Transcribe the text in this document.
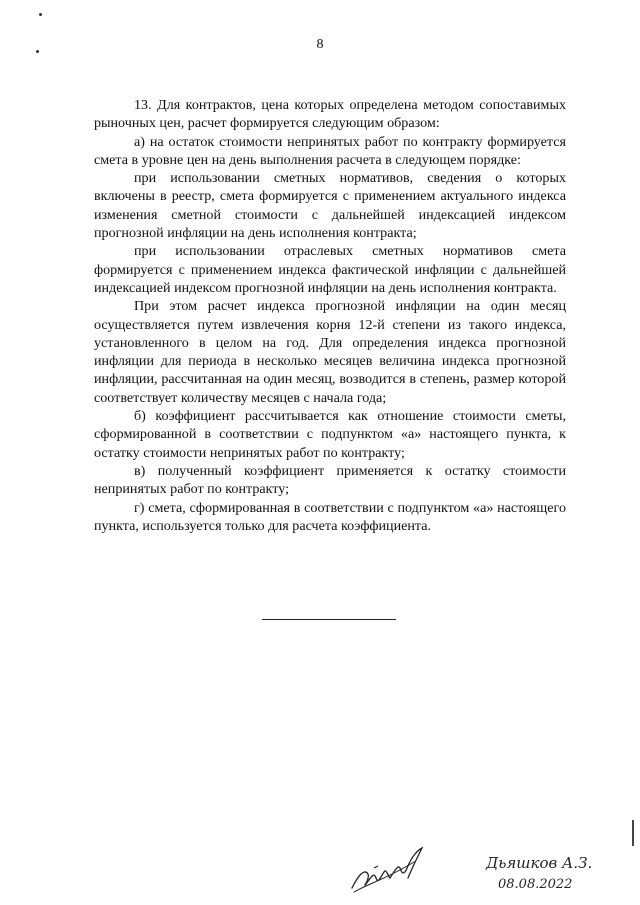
8

13. Для контрактов, цена которых определена методом сопоставимых рыночных цен, расчет формируется следующим образом:

а) на остаток стоимости непринятых работ по контракту формируется смета в уровне цен на день выполнения расчета в следующем порядке:

при использовании сметных нормативов, сведения о которых включены в реестр, смета формируется с применением актуального индекса изменения сметной стоимости с дальнейшей индексацией индексом прогнозной инфляции на день исполнения контракта;

при использовании отраслевых сметных нормативов смета формируется с применением индекса фактической инфляции с дальнейшей индексацией индексом прогнозной инфляции на день исполнения контракта.

При этом расчет индекса прогнозной инфляции на один месяц осуществляется путем извлечения корня 12-й степени из такого индекса, установленного в целом на год. Для определения индекса прогнозной инфляции для периода в несколько месяцев величина индекса прогнозной инфляции, рассчитанная на один месяц, возводится в степень, размер которой соответствует количеству месяцев с начала года;

б) коэффициент рассчитывается как отношение стоимости сметы, сформированной в соответствии с подпунктом «а» настоящего пункта, к остатку стоимости непринятых работ по контракту;

в) полученный коэффициент применяется к остатку стоимости непринятых работ по контракту;

г) смета, сформированная в соответствии с подпунктом «а» настоящего пункта, используется только для расчета коэффициента.

Дьяшков А.З.
08.08.2022
